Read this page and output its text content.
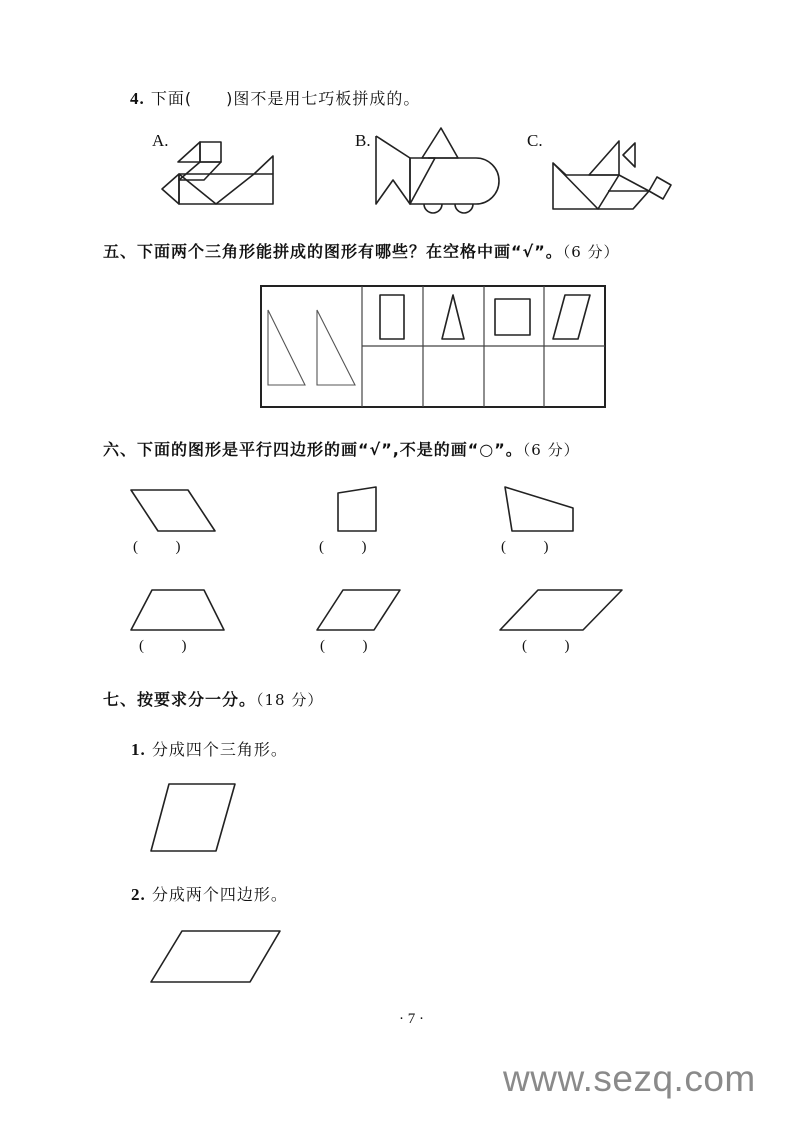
4. 下面( )图不是用七巧板拼成的。
A.	B.	C.
五、下面两个三角形能拼成的图形有哪些？在空格中画“√”。（6 分）
六、下面的图形是平行四边形的画“√”,不是的画“○”。（6 分）
(          )	(          )	(          )
(          )	(          )	(          )
七、按要求分一分。（18 分）
1. 分成四个三角形。
2. 分成两个四边形。
· 7 ·
www.sezq.com
